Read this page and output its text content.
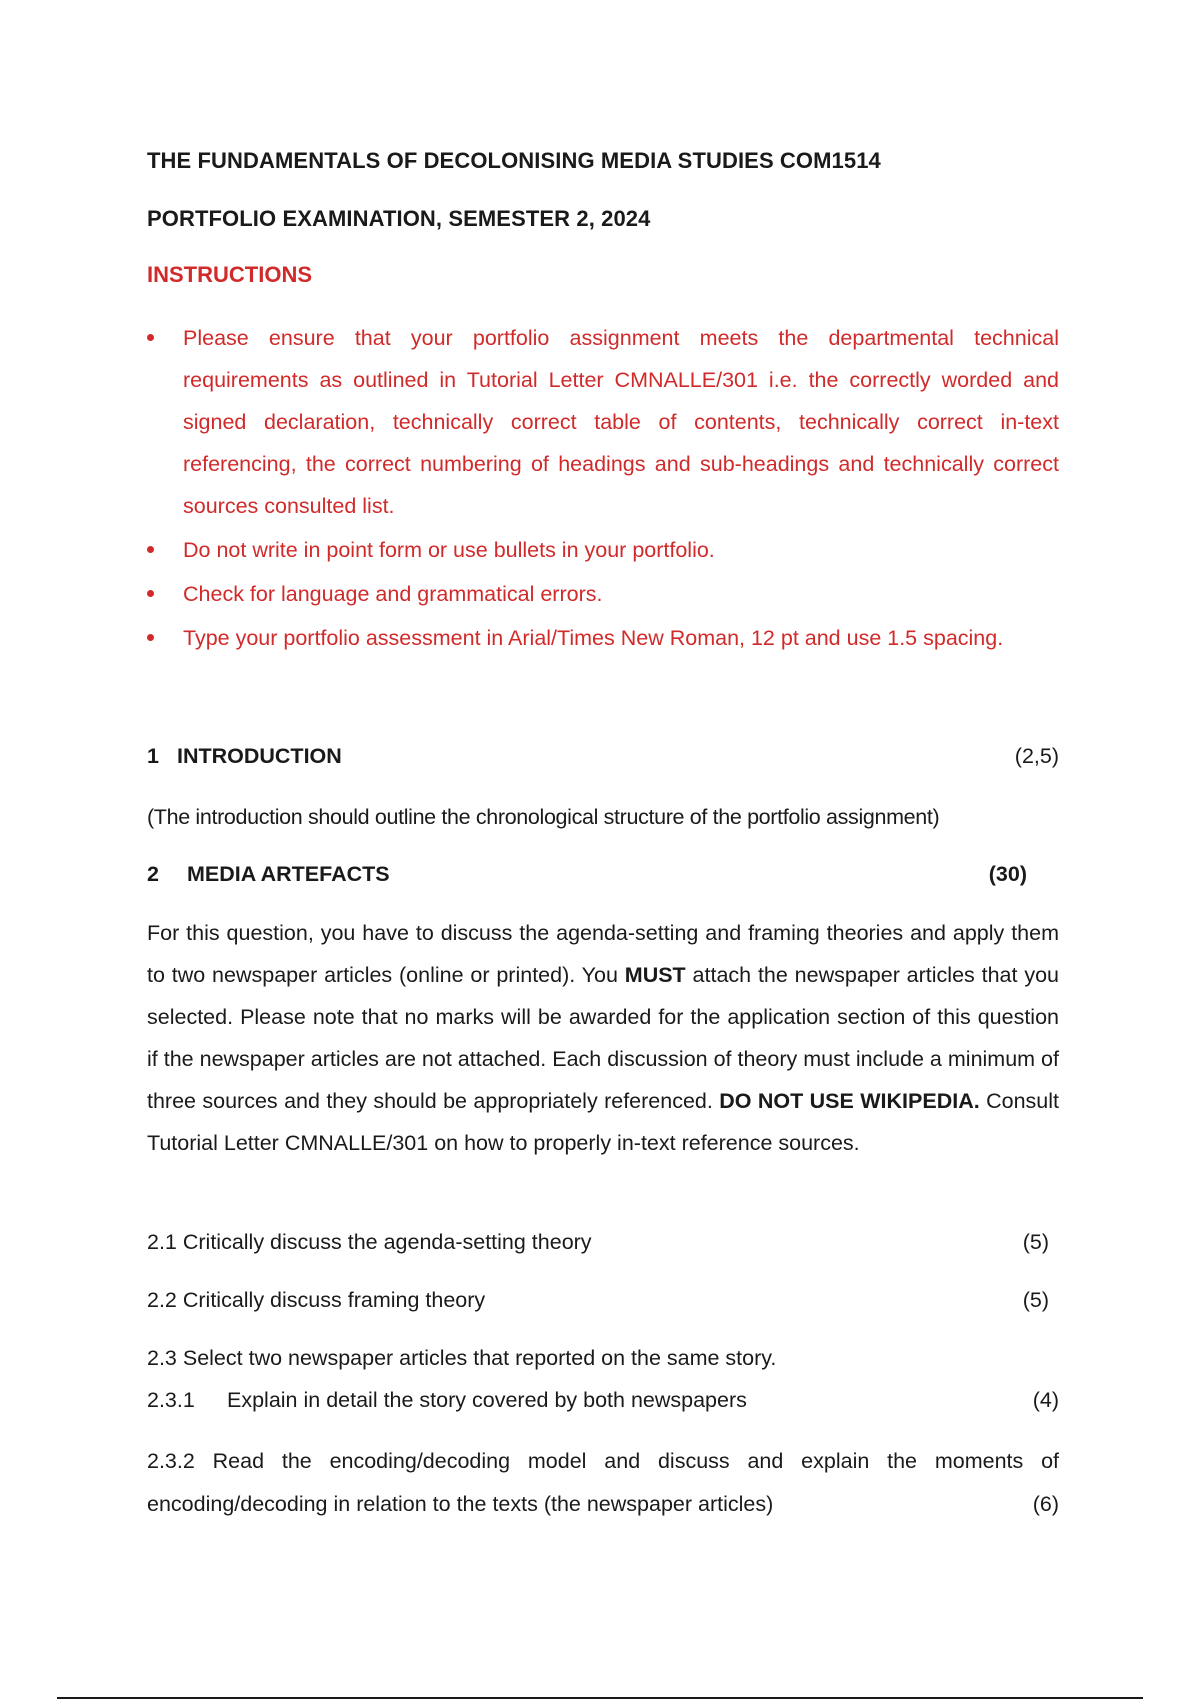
THE FUNDAMENTALS OF DECOLONISING MEDIA STUDIES COM1514
PORTFOLIO EXAMINATION, SEMESTER 2, 2024
INSTRUCTIONS
Please ensure that your portfolio assignment meets the departmental technical requirements as outlined in Tutorial Letter CMNALLE/301 i.e. the correctly worded and signed declaration, technically correct table of contents, technically correct in-text referencing, the correct numbering of headings and sub-headings and technically correct sources consulted list.
Do not write in point form or use bullets in your portfolio.
Check for language and grammatical errors.
Type your portfolio assessment in Arial/Times New Roman, 12 pt and use 1.5 spacing.
1 INTRODUCTION	(2,5)
(The introduction should outline the chronological structure of the portfolio assignment)
2 MEDIA ARTEFACTS	(30)
For this question, you have to discuss the agenda-setting and framing theories and apply them to two newspaper articles (online or printed). You MUST attach the newspaper articles that you selected. Please note that no marks will be awarded for the application section of this question if the newspaper articles are not attached. Each discussion of theory must include a minimum of three sources and they should be appropriately referenced. DO NOT USE WIKIPEDIA. Consult Tutorial Letter CMNALLE/301 on how to properly in-text reference sources.
2.1 Critically discuss the agenda-setting theory	(5)
2.2 Critically discuss framing theory	(5)
2.3 Select two newspaper articles that reported on the same story.
2.3.1 Explain in detail the story covered by both newspapers	(4)
2.3.2 Read the encoding/decoding model and discuss and explain the moments of
encoding/decoding in relation to the texts (the newspaper articles)	(6)
